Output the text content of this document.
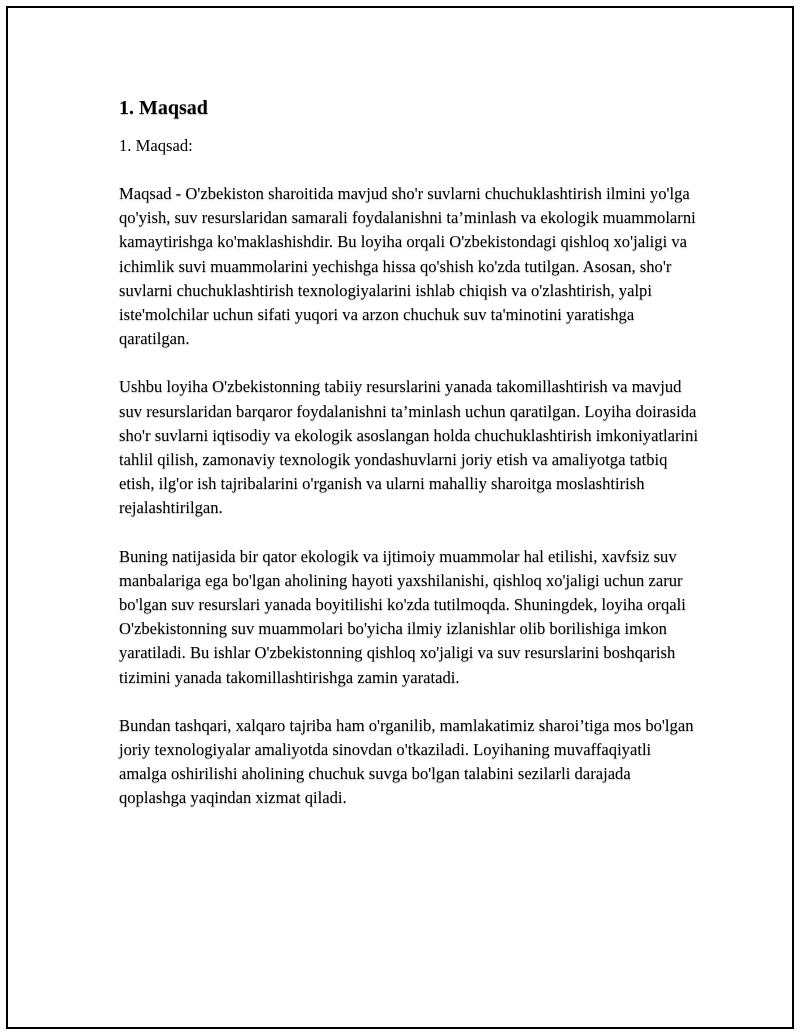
1. Maqsad

1. Maqsad:

Maqsad - O'zbekiston sharoitida mavjud sho'r suvlarni chuchuklashtirish ilmini yo'lga qo'yish, suv resurslaridan samarali foydalanishni ta’minlash va ekologik muammolarni kamaytirishga ko'maklashishdir. Bu loyiha orqali O'zbekistondagi qishloq xo'jaligi va ichimlik suvi muammolarini yechishga hissa qo'shish ko'zda tutilgan. Asosan, sho'r suvlarni chuchuklashtirish texnologiyalarini ishlab chiqish va o'zlashtirish, yalpi iste'molchilar uchun sifati yuqori va arzon chuchuk suv ta'minotini yaratishga qaratilgan.

Ushbu loyiha O'zbekistonning tabiiy resurslarini yanada takomillashtirish va mavjud suv resurslaridan barqaror foydalanishni ta’minlash uchun qaratilgan. Loyiha doirasida sho'r suvlarni iqtisodiy va ekologik asoslangan holda chuchuklashtirish imkoniyatlarini tahlil qilish, zamonaviy texnologik yondashuvlarni joriy etish va amaliyotga tatbiq etish, ilg'or ish tajribalarini o'rganish va ularni mahalliy sharoitga moslashtirish rejalashtirilgan.

Buning natijasida bir qator ekologik va ijtimoiy muammolar hal etilishi, xavfsiz suv manbalariga ega bo'lgan aholining hayoti yaxshilanishi, qishloq xo'jaligi uchun zarur bo'lgan suv resurslari yanada boyitilishi ko'zda tutilmoqda. Shuningdek, loyiha orqali O'zbekistonning suv muammolari bo'yicha ilmiy izlanishlar olib borilishiga imkon yaratiladi. Bu ishlar O'zbekistonning qishloq xo'jaligi va suv resurslarini boshqarish tizimini yanada takomillashtirishga zamin yaratadi.

Bundan tashqari, xalqaro tajriba ham o'rganilib, mamlakatimiz sharoi’tiga mos bo'lgan joriy texnologiyalar amaliyotda sinovdan o'tkaziladi. Loyihaning muvaffaqiyatli amalga oshirilishi aholining chuchuk suvga bo'lgan talabini sezilarli darajada qoplashga yaqindan xizmat qiladi.
